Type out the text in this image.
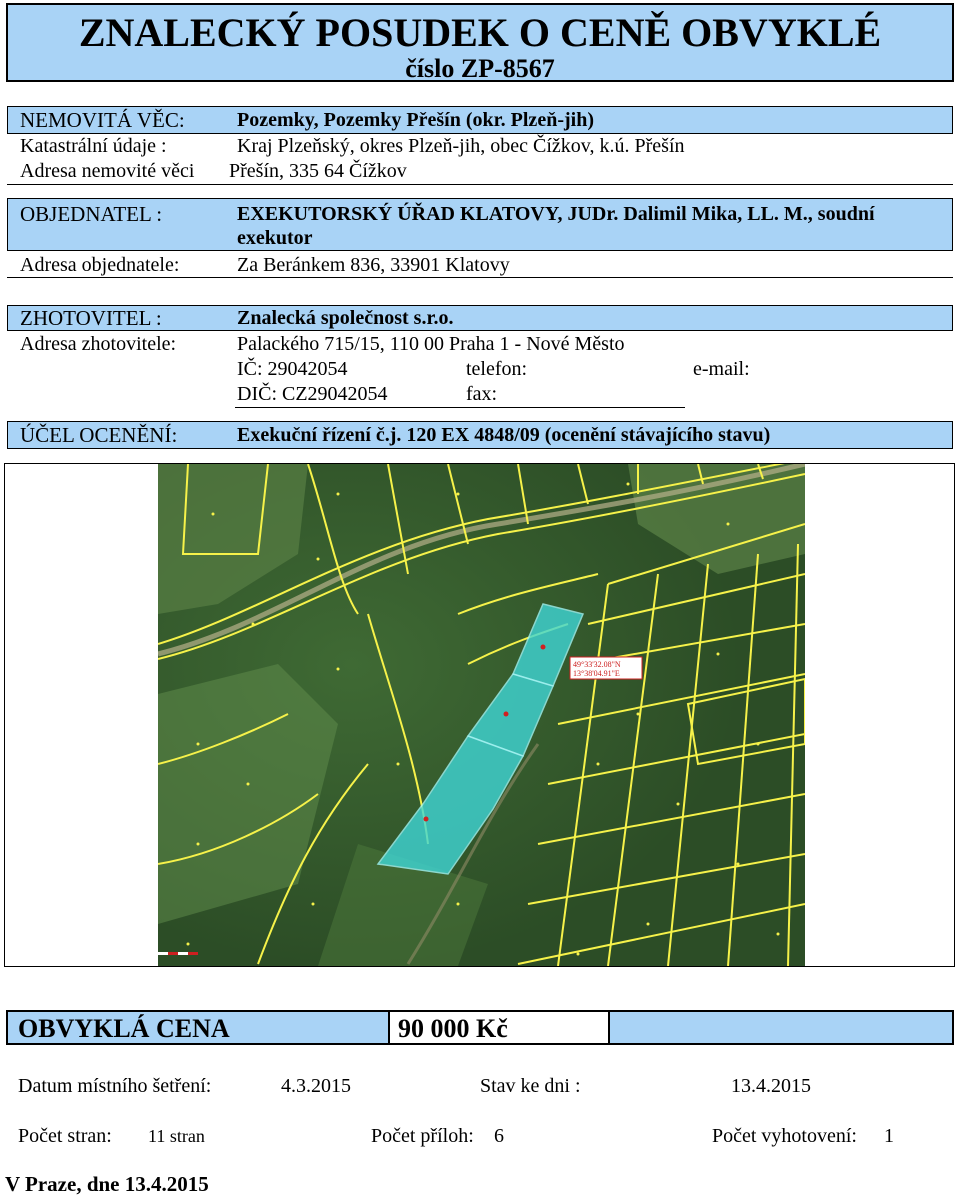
ZNALECKÝ POSUDEK O CENĚ OBVYKLÉ
číslo ZP-8567
NEMOVITÁ VĚC:	Pozemky, Pozemky Přešín (okr. Plzeň-jih)
Katastrální údaje :	Kraj Plzeňský, okres Plzeň-jih, obec Čížkov, k.ú. Přešín
Adresa nemovité věci Přešín, 335 64 Čížkov
OBJEDNATEL :	EXEKUTORSKÝ ÚŘAD KLATOVY, JUDr. Dalimil Mika, LL. M., soudní
exekutor
Adresa objednatele:	Za Beránkem 836, 33901 Klatovy
ZHOTOVITEL :	Znalecká společnost s.r.o.
Adresa zhotovitele:	Palackého 715/15, 110 00 Praha 1 - Nové Město
IČ: 29042054	telefon:	e-mail:
DIČ: CZ29042054	fax:
ÚČEL OCENĚNÍ:	Exekuční řízení č.j. 120 EX 4848/09 (ocenění stávajícího stavu)
49°33'32.08"N
13°38'04.91"E
OBVYKLÁ CENA	90 000 Kč
Datum místního šetření:	4.3.2015	Stav ke dni :	13.4.2015
Počet stran: 11 stran	Počet příloh: 6	Počet vyhotovení: 1
V Praze, dne 13.4.2015
